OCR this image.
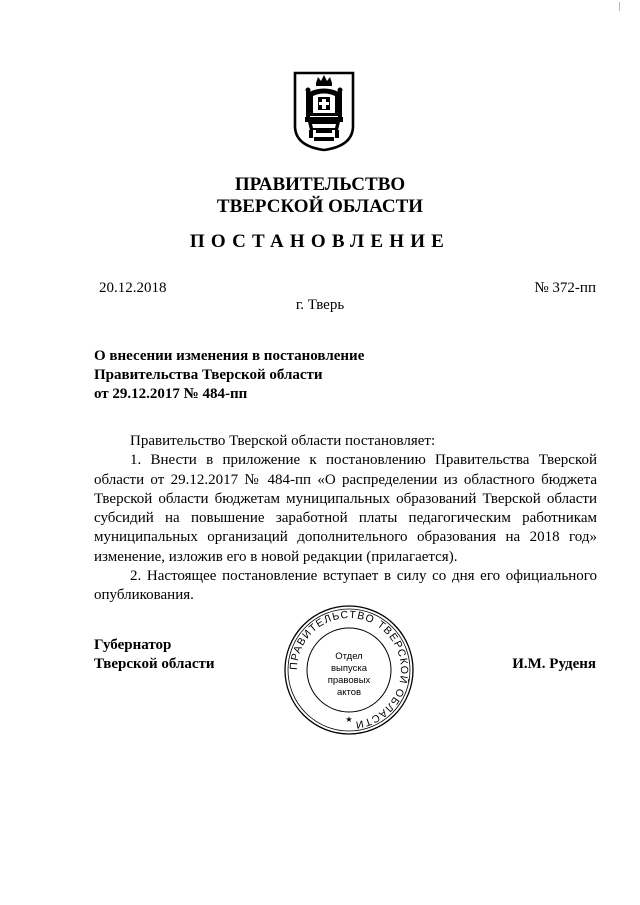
ПРАВИТЕЛЬСТВО
ТВЕРСКОЙ ОБЛАСТИ
ПОСТАНОВЛЕНИЕ
20.12.2018	№ 372-пп
г. Тверь
О внесении изменения в постановление
Правительства Тверской области
от 29.12.2017 № 484-пп
Правительство Тверской области постановляет:
1. Внести в приложение к постановлению Правительства Тверской области от 29.12.2017 № 484-пп «О распределении из областного бюджета Тверской области бюджетам муниципальных образований Тверской области субсидий на повышение заработной платы педагогическим работникам муниципальных организаций дополнительного образования на 2018 год» изменение, изложив его в новой редакции (прилагается).
2. Настоящее постановление вступает в силу со дня его официального опубликования.
Губернатор
Тверской области	И.М. Руденя
ПРАВИТЕЛЬСТВО ТВЕРСКОЙ ОБЛАСТИ
Отдел
выпуска
правовых
актов
★
